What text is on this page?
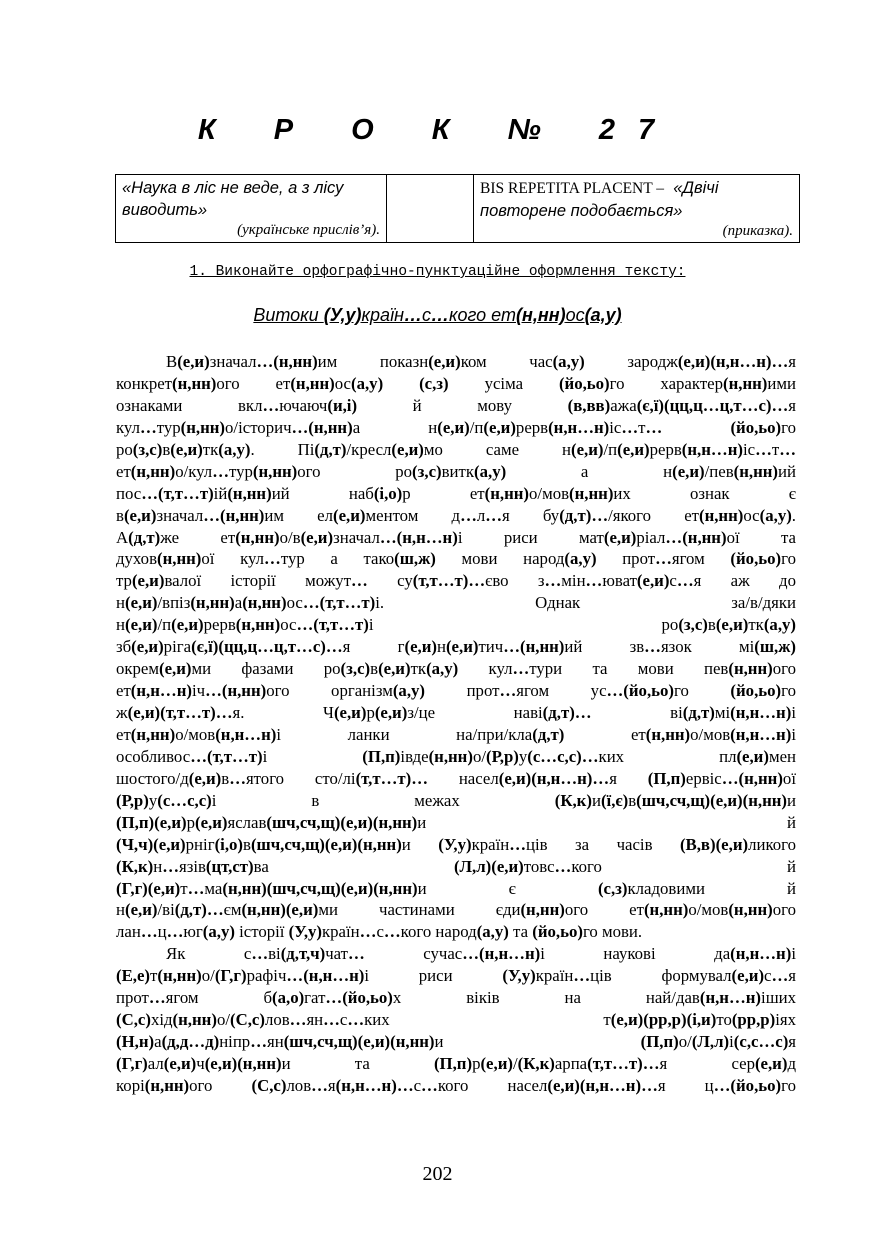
К Р О К № 27
«Наука в ліс не веде, а з лісу виводить»
(українське прислів’я).

BIS REPETITA PLACENT – «Двічі повторене подобається»
(приказка).
1. Виконайте орфографічно-пунктуаційне оформлення тексту:
Витоки (У,у)країн…с…кого ет(н,нн)ос(а,у)
В(е,и)значал…(н,нн)им показн(е,и)ком час(а,у) зародж(е,и)(н,н…н)…я
конкрет(н,нн)ого ет(н,нн)ос(а,у) (с,з) усіма (йо,ьо)го характер(н,нн)ими
ознаками вкл…ючаюч(и,і) й мову (в,вв)ажа(є,ї)(цц,ц…ц,т…с)…я
кул…тур(н,нн)о/історич…(н,нн)а н(е,и)/п(е,и)рерв(н,н…н)іс…т…	(йо,ьо)го
ро(з,с)в(е,и)тк(а,у). Пі(д,т)/кресл(е,и)мо саме н(е,и)/п(е,и)рерв(н,н…н)іс…т…
ет(н,нн)о/кул…тур(н,нн)ого ро(з,с)витк(а,у) а н(е,и)/пев(н,нн)ий
пос…(т,т…т)ій(н,нн)ий наб(і,о)р ет(н,нн)о/мов(н,нн)их ознак є
в(е,и)значал…(н,нн)им ел(е,и)ментом д…л…я бу(д,т)…/якого ет(н,нн)ос(а,у).
А(д,т)же ет(н,нн)о/в(е,и)значал…(н,н…н)і риси мат(е,и)ріал…(н,нн)ої та
духов(н,нн)ої кул…тур а тако(ш,ж) мови народ(а,у) прот…ягом (йо,ьо)го
тр(е,и)валої історії можут… су(т,т…т)…єво з…мін…юват(е,и)с…я аж до
н(е,и)/впіз(н,нн)а(н,нн)ос…(т,т…т)і. Однак за/в/дяки
н(е,и)/п(е,и)рерв(н,нн)ос…(т,т…т)і ро(з,с)в(е,и)тк(а,у)
зб(е,и)ріга(є,ї)(цц,ц…ц,т…с)…я г(е,и)н(е,и)тич…(н,нн)ий зв…язок мі(ш,ж)
окрем(е,и)ми фазами ро(з,с)в(е,и)тк(а,у) кул…тури та мови пев(н,нн)ого
ет(н,н…н)іч…(н,нн)ого організм(а,у) прот…ягом ус…(йо,ьо)го (йо,ьо)го
ж(е,и)(т,т…т)…я. Ч(е,и)р(е,и)з/це наві(д,т)… ві(д,т)мі(н,н…н)і
ет(н,нн)о/мов(н,н…н)і ланки на/при/кла(д,т) ет(н,нн)о/мов(н,н…н)і
особливос…(т,т…т)і (П,п)івде(н,нн)о/(Р,р)у(с…с,с)…ких пл(е,и)мен
шостого/д(е,и)в…ятого сто/лі(т,т…т)… насел(е,и)(н,н…н)…я (П,п)ервіс…(н,нн)ої
(Р,р)у(с…с,с)і в межах (К,к)и(ї,є)в(шч,сч,щ)(е,и)(н,нн)и
(П,п)(е,и)р(е,и)яслав(шч,сч,щ)(е,и)(н,нн)и й
(Ч,ч)(е,и)рніг(і,о)в(шч,сч,щ)(е,и)(н,нн)и (У,у)країн…ців за часів (В,в)(е,и)ликого
(К,к)н…язів(цт,ст)ва (Л,л)(е,и)товс…кого й
(Г,г)(е,и)т…ма(н,нн)(шч,сч,щ)(е,и)(н,нн)и є (с,з)кладовими й
н(е,и)/ві(д,т)…єм(н,нн)(е,и)ми частинами єди(н,нн)ого ет(н,нн)о/мов(н,нн)ого
лан…ц…юг(а,у) історії (У,у)країн…с…кого народ(а,у) та (йо,ьо)го мови.
Як с…ві(д,т,ч)чат… сучас…(н,н…н)і наукові да(н,н…н)і
(Е,е)т(н,нн)о/(Г,г)рафіч…(н,н…н)і риси (У,у)країн…ців формувал(е,и)с…я
прот…ягом б(а,о)гат…(йо,ьо)х віків на най/дав(н,н…н)іших
(С,с)хід(н,нн)о/(С,с)лов…ян…с…ких т(е,и)(рр,р)(і,и)то(рр,р)іях
(Н,н)а(д,д…д)ніпр…ян(шч,сч,щ)(е,и)(н,нн)и (П,п)о/(Л,л)і(с,с…с)я
(Г,г)ал(е,и)ч(е,и)(н,нн)и та (П,п)р(е,и)/(К,к)арпа(т,т…т)…я сер(е,и)д
корі(н,нн)ого (С,с)лов…я(н,н…н)…с…кого насел(е,и)(н,н…н)…я ц…(йо,ьо)го
202
